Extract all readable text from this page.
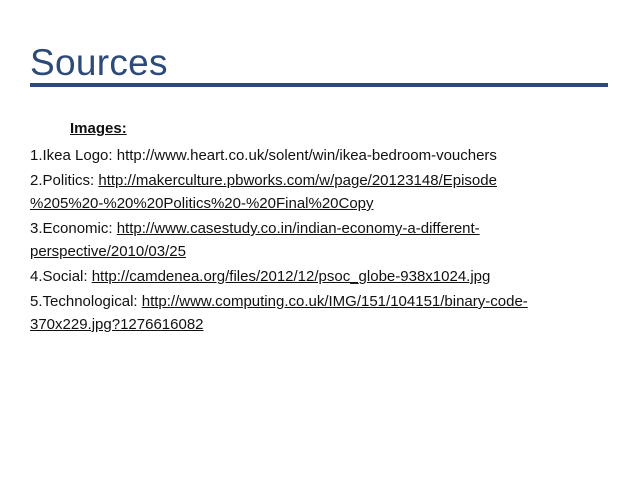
Sources
Images:
1.Ikea Logo: http://www.heart.co.uk/solent/win/ikea-bedroom-vouchers
2.Politics: http://makerculture.pbworks.com/w/page/20123148/Episode
%205%20-%20%20Politics%20-%20Final%20Copy
3.Economic: http://www.casestudy.co.in/indian-economy-a-different-
perspective/2010/03/25
4.Social: http://camdenea.org/files/2012/12/psoc_globe-938x1024.jpg
5.Technological: http://www.computing.co.uk/IMG/151/104151/binary-code-
370x229.jpg?1276616082
